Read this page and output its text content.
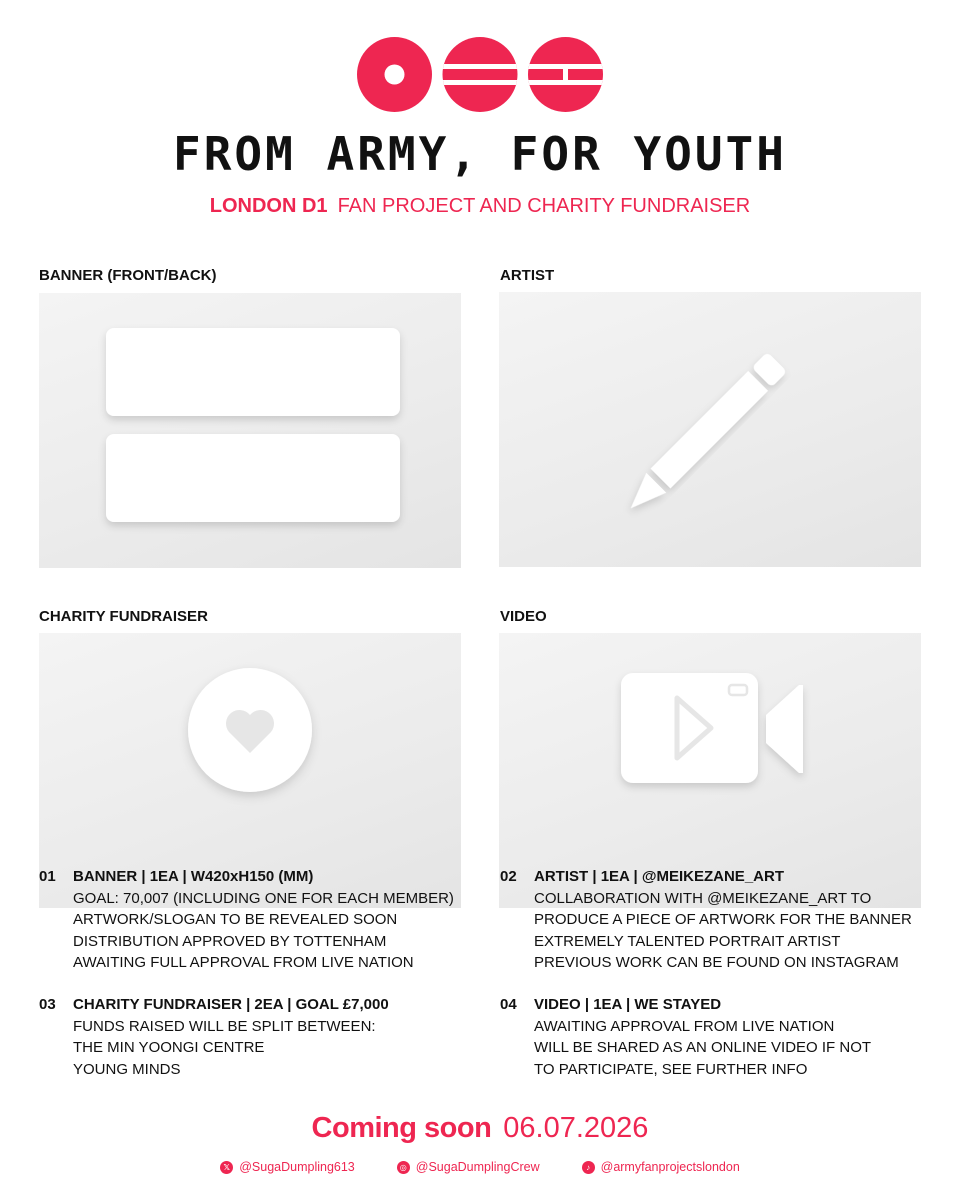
FROM ARMY, FOR YOUTH
LONDON D1 FAN PROJECT AND CHARITY FUNDRAISER
BANNER (FRONT/BACK)	ARTIST
CHARITY FUNDRAISER	VIDEO
01 BANNER | 1EA | W420xH150 (MM)
GOAL: 70,007 (INCLUDING ONE FOR EACH MEMBER)
ARTWORK/SLOGAN TO BE REVEALED SOON
DISTRIBUTION APPROVED BY TOTTENHAM
AWAITING FULL APPROVAL FROM LIVE NATION
02 ARTIST | 1EA | @MEIKEZANE_ART
COLLABORATION WITH @MEIKEZANE_ART TO
PRODUCE A PIECE OF ARTWORK FOR THE BANNER
EXTREMELY TALENTED PORTRAIT ARTIST
PREVIOUS WORK CAN BE FOUND ON INSTAGRAM
03 CHARITY FUNDRAISER | 2EA | GOAL £7,000
FUNDS RAISED WILL BE SPLIT BETWEEN:
THE MIN YOONGI CENTRE
YOUNG MINDS
04 VIDEO | 1EA | WE STAYED
AWAITING APPROVAL FROM LIVE NATION
WILL BE SHARED AS AN ONLINE VIDEO IF NOT
TO PARTICIPATE, SEE FURTHER INFO
Coming soon 06.07.2026
𝕏 @SugaDumpling613	◎ @SugaDumplingCrew	♪ @armyfanprojectslondon
